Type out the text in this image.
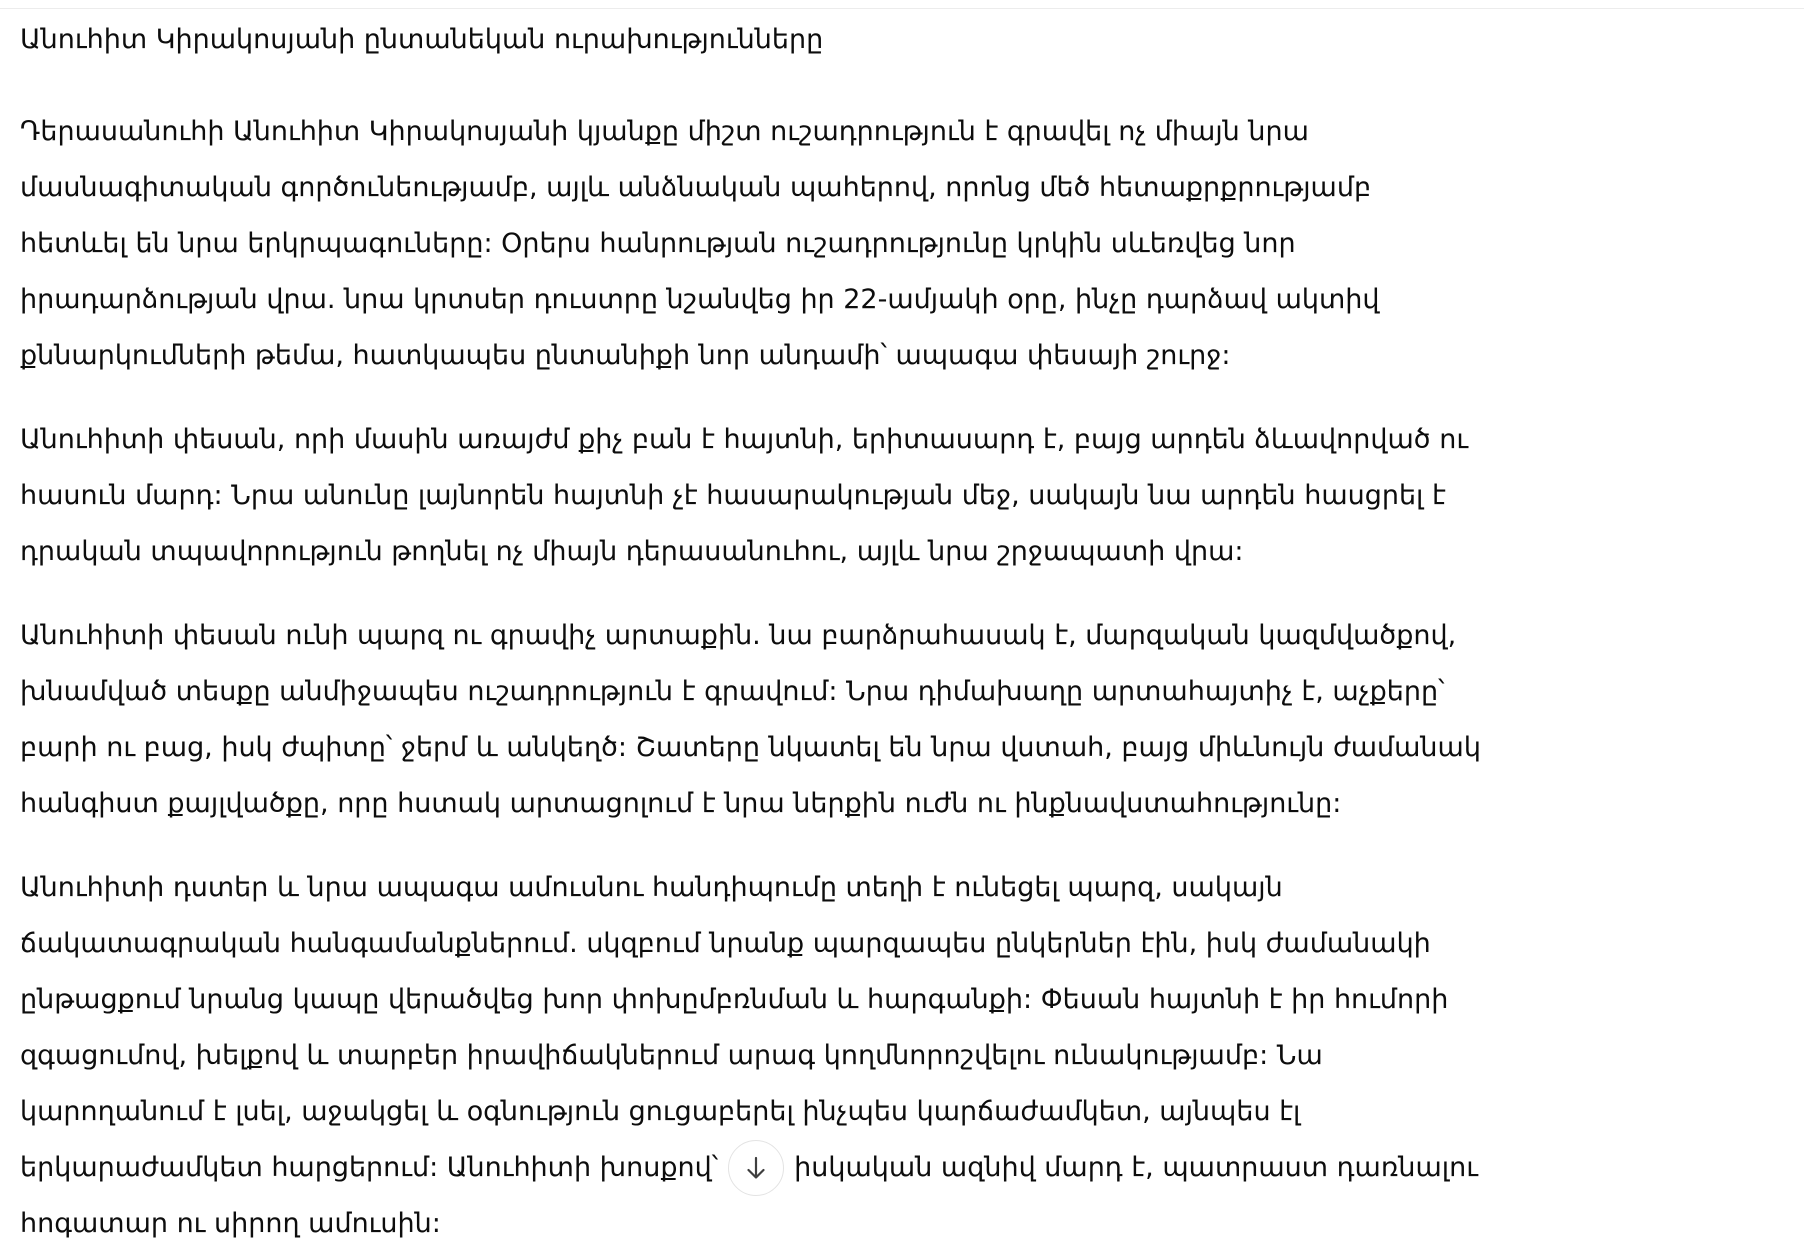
Անուհիտ Կիրակոսյանի ընտանեկան ուրախությունները
Դերասանուհի Անուհիտ Կիրակոսյանի կյանքը միշտ ուշադրություն է գրավել ոչ միայն նրա
մասնագիտական գործունեությամբ, այլև անձնական պահերով, որոնց մեծ հետաքրքրությամբ
հետևել են նրա երկրպագուները: Օրերս հանրության ուշադրությունը կրկին սևեռվեց նոր
իրադարձության վրա. նրա կրտսեր դուստրը նշանվեց իր 22-ամյակի օրը, ինչը դարձավ ակտիվ
քննարկումների թեմա, հատկապես ընտանիքի նոր անդամի՝ ապագա փեսայի շուրջ:
Անուհիտի փեսան, որի մասին առայժմ քիչ բան է հայտնի, երիտասարդ է, բայց արդեն ձևավորված ու
հասուն մարդ: Նրա անունը լայնորեն հայտնի չէ հասարակության մեջ, սակայն նա արդեն հասցրել է
դրական տպավորություն թողնել ոչ միայն դերասանուհու, այլև նրա շրջապատի վրա:
Անուհիտի փեսան ունի պարզ ու գրավիչ արտաքին. նա բարձրահասակ է, մարզական կազմվածքով,
խնամված տեսքը անմիջապես ուշադրություն է գրավում: Նրա դիմախաղը արտահայտիչ է, աչքերը՝
բարի ու բաց, իսկ ժպիտը՝ ջերմ և անկեղծ: Շատերը նկատել են նրա վստահ, բայց միևնույն ժամանակ
հանգիստ քայլվածքը, որը հստակ արտացոլում է նրա ներքին ուժն ու ինքնավստահությունը:
Անուհիտի դստեր և նրա ապագա ամուսնու հանդիպումը տեղի է ունեցել պարզ, սակայն
ճակատագրական հանգամանքներում. սկզբում նրանք պարզապես ընկերներ էին, իսկ ժամանակի
ընթացքում նրանց կապը վերածվեց խոր փոխըմբռնման և հարգանքի: Փեսան հայտնի է իր հումորի
զգացումով, խելքով և տարբեր իրավիճակներում արագ կողմնորոշվելու ունակությամբ: Նա
կարողանում է լսել, աջակցել և օգնություն ցուցաբերել ինչպես կարճաժամկետ, այնպես էլ
երկարաժամկետ հարցերում: Անուհիտի խոսքով՝	իսկական ազնիվ մարդ է, պատրաստ դառնալու
հոգատար ու սիրող ամուսին:
